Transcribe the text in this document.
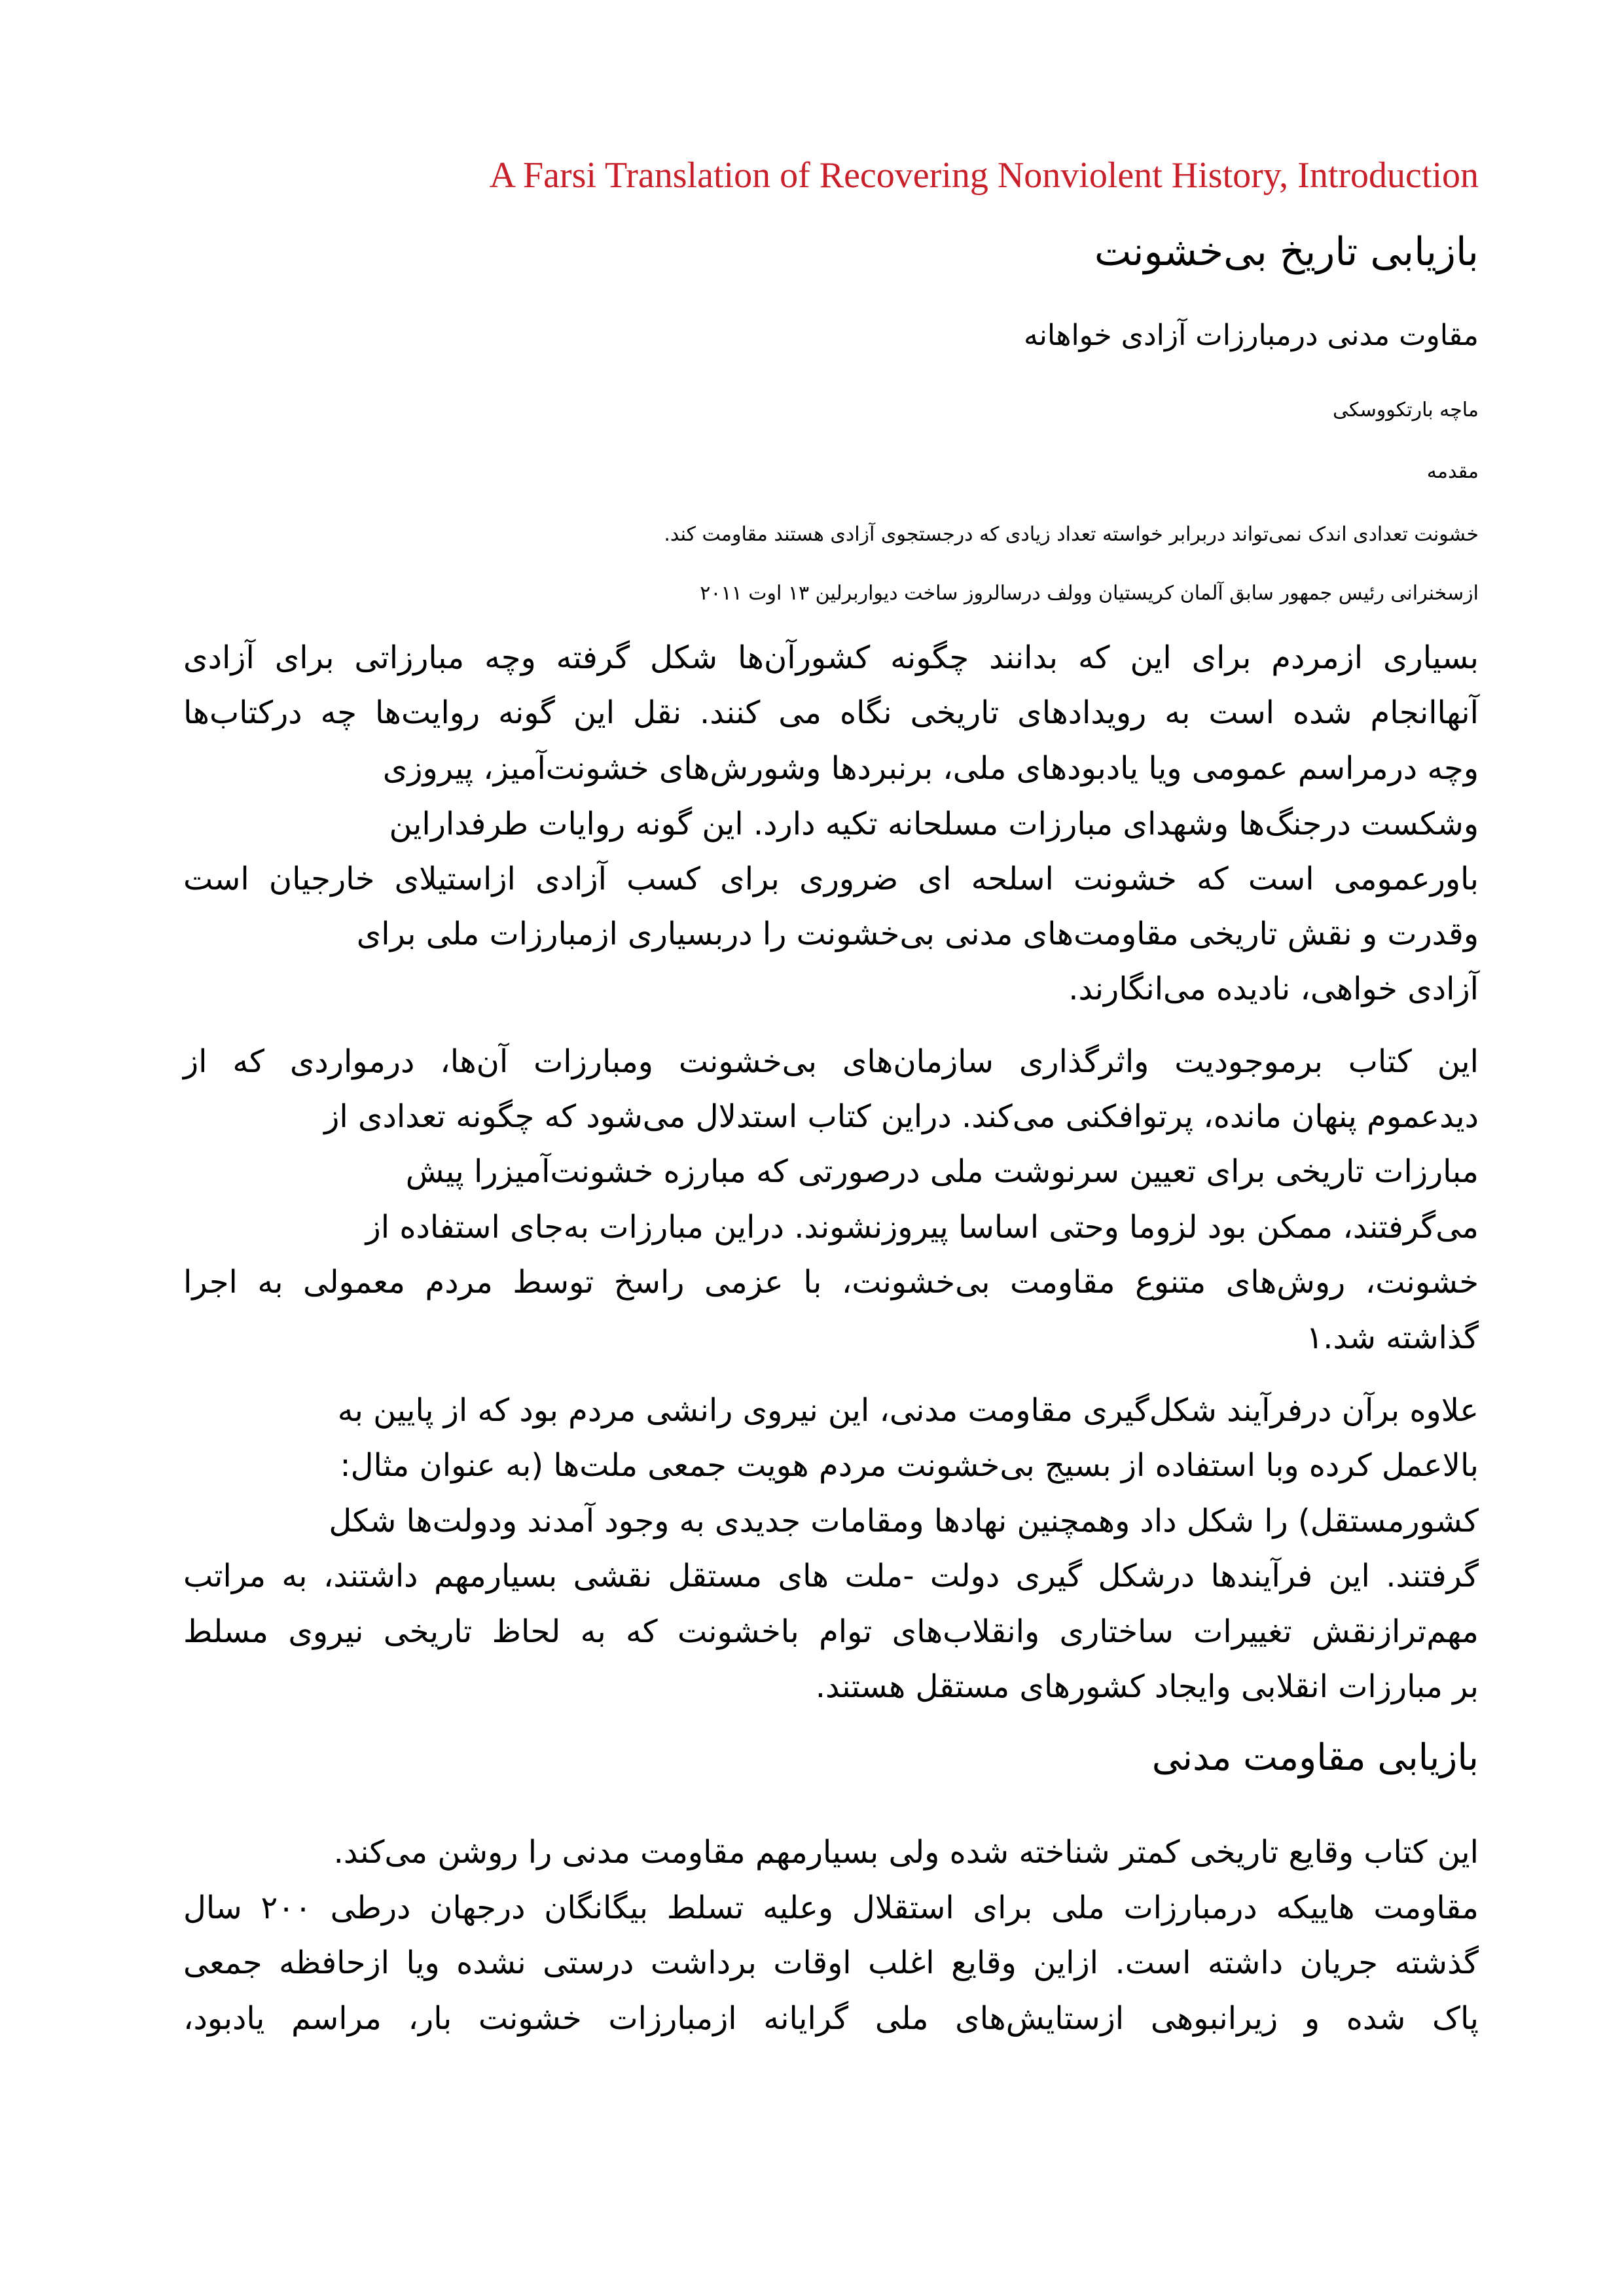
A Farsi Translation of Recovering Nonviolent History, Introduction
بازیابی تاریخ بی‌خشونت
مقاوت مدنی درمبارزات آزادی خواهانه
ماچه بارتکووسکی
مقدمه
خشونت تعدادی اندک نمی‌تواند دربرابر خواسته تعداد زیادی که درجستجوی آزادی هستند مقاومت کند.
ازسخنرانی رئیس جمهور سابق آلمان کریستیان وولف درسالروز ساخت دیواربرلین ۱۳ اوت ۲۰۱۱
بسیاری ازمردم برای این که بدانند چگونه کشورآن‌ها شکل گرفته وچه مبارزاتی برای آزادی
آنهاانجام شده است به رویدادهای تاریخی نگاه می کنند. نقل این گونه روایت‌ها چه درکتاب‌ها
وچه درمراسم عمومی ویا یادبودهای ملی، برنبردها وشورش‌های خشونت‌آمیز، پیروزی
وشکست درجنگ‌ها وشهدای مبارزات مسلحانه تکیه دارد. این گونه روایات طرفداراین
باورعمومی است که خشونت اسلحه ای ضروری برای کسب آزادی ازاستیلای خارجیان است
وقدرت و نقش تاریخی مقاومت‌های مدنی بی‌خشونت را دربسیاری ازمبارزات ملی برای
آزادی خواهی، نادیده می‌انگارند.
این کتاب برموجودیت واثرگذاری سازمان‌های بی‌خشونت ومبارزات آن‌ها، درمواردی که از
دیدعموم پنهان مانده، پرتوافکنی می‌کند. دراین کتاب استدلال می‌شود که چگونه تعدادی از
مبارزات تاریخی برای تعیین سرنوشت ملی درصورتی که مبارزه خشونت‌آمیزرا پیش
می‌گرفتند، ممکن بود لزوما وحتی اساسا پیروزنشوند. دراین مبارزات به‌جای استفاده از
خشونت، روش‌های متنوع مقاومت بی‌خشونت، با عزمی راسخ توسط مردم معمولی به اجرا
گذاشته شد.۱
علاوه برآن درفرآیند شکل‌گیری مقاومت مدنی، این نیروی رانشی مردم بود که از پایین به
بالاعمل کرده وبا استفاده از بسیج بی‌خشونت مردم هویت جمعی ملت‌ها (به عنوان مثال:
کشورمستقل) را شکل داد وهمچنین نهادها ومقامات جدیدی به وجود آمدند ودولت‌ها شکل
گرفتند. این فرآیندها درشکل گیری دولت -ملت های مستقل نقشی بسیارمهم داشتند، به مراتب
مهم‌ترازنقش تغییرات ساختاری وانقلاب‌های توام باخشونت که به لحاظ تاریخی نیروی مسلط
بر مبارزات انقلابی وایجاد کشورهای مستقل هستند.
بازیابی مقاومت مدنی
این کتاب وقایع تاریخی کمتر شناخته شده ولی بسیارمهم مقاومت مدنی را روشن می‌کند.
مقاومت هاییکه درمبارزات ملی برای استقلال وعلیه تسلط بیگانگان درجهان درطی ۲۰۰ سال
گذشته جریان داشته است. ازاین وقایع اغلب اوقات برداشت درستی نشده ویا ازحافظه جمعی
پاک شده و زیرانبوهی ازستایش‌های ملی گرایانه ازمبارزات خشونت بار، مراسم یادبود،
